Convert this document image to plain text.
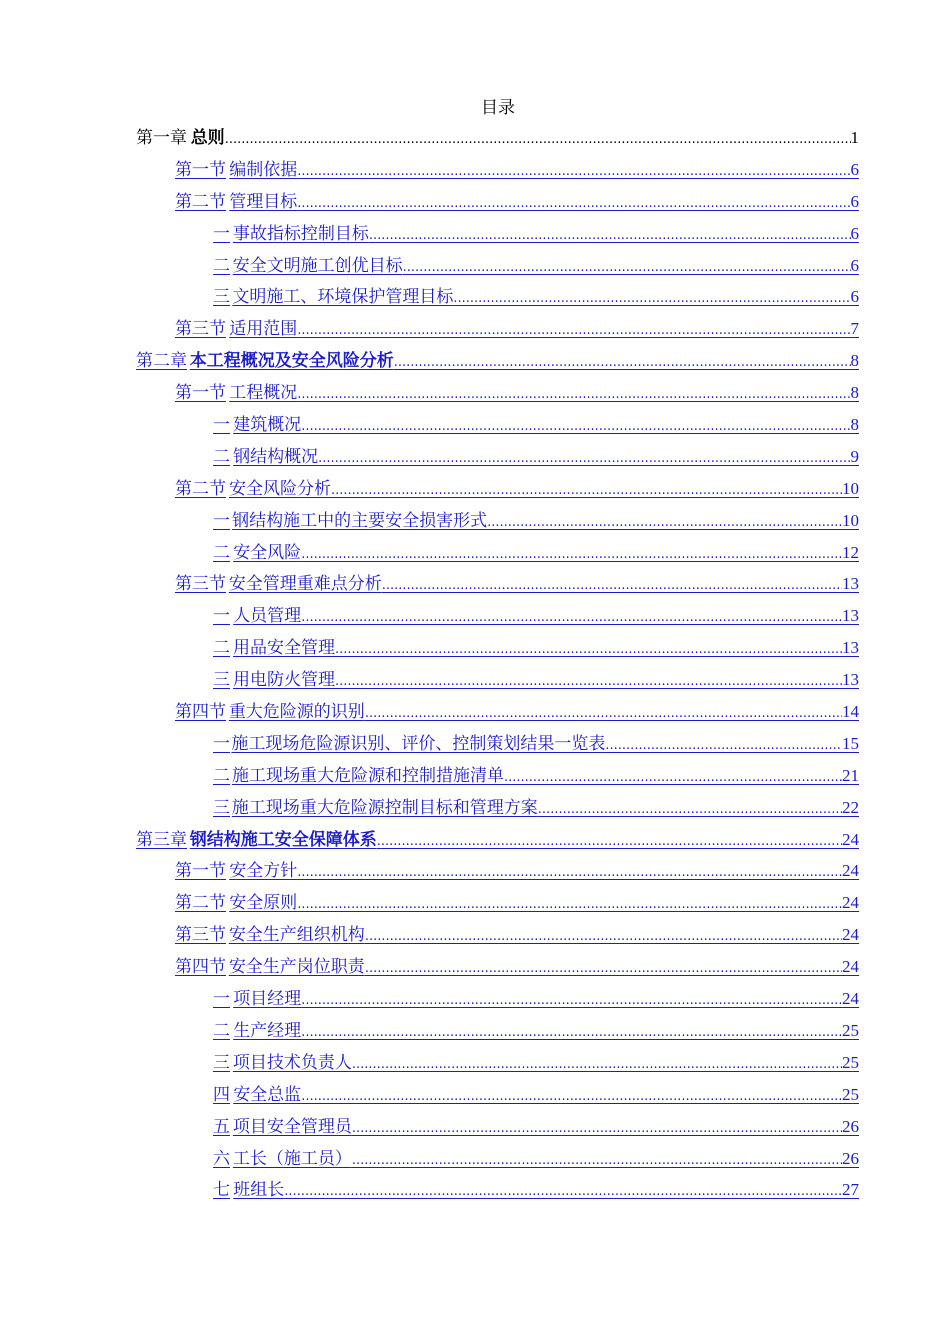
目录
第一章 总则 .....	1
第一节 编制依据 .....	6
第二节 管理目标 .....	6
一 事故指标控制目标 .....	6
二 安全文明施工创优目标 .....	6
三 文明施工、环境保护管理目标 .....	6
第三节 适用范围 .....	7
第二章 本工程概况及安全风险分析 .....	8
第一节 工程概况 .....	8
一 建筑概况 .....	8
二 钢结构概况 .....	9
第二节 安全风险分析 .....	10
一 钢结构施工中的主要安全损害形式 .....	10
二 安全风险 .....	12
第三节 安全管理重难点分析 .....	13
一 人员管理 .....	13
二 用品安全管理 .....	13
三 用电防火管理 .....	13
第四节 重大危险源的识别 .....	14
一 施工现场危险源识别、评价、控制策划结果一览表 .....	15
二 施工现场重大危险源和控制措施清单 .....	21
三 施工现场重大危险源控制目标和管理方案 .....	22
第三章 钢结构施工安全保障体系 .....	24
第一节 安全方针 .....	24
第二节 安全原则 .....	24
第三节 安全生产组织机构 .....	24
第四节 安全生产岗位职责 .....	24
一 项目经理 .....	24
二 生产经理 .....	25
三 项目技术负责人 .....	25
四 安全总监 .....	25
五 项目安全管理员 .....	26
六 工长（施工员） .....	26
七 班组长 .....	27
